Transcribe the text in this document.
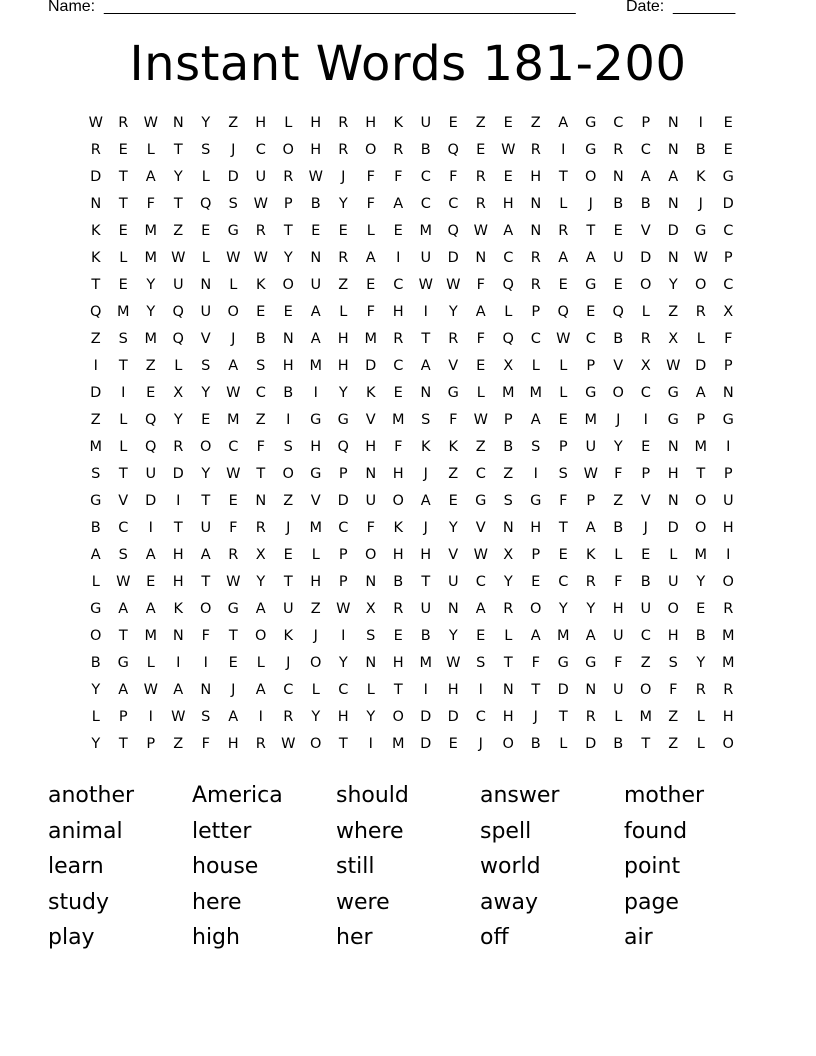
Name: _____________________________________________________	Date: _______
Instant Words 181-200
W	R	W	N	Y	Z	H	L	H	R	H	K	U	E	Z	E	Z	A	G	C	P	N	I	E
R	E	L	T	S	J	C	O	H	R	O	R	B	Q	E	W	R	I	G	R	C	N	B	E
D	T	A	Y	L	D	U	R	W	J	F	F	C	F	R	E	H	T	O	N	A	A	K	G
N	T	F	T	Q	S	W	P	B	Y	F	A	C	C	R	H	N	L	J	B	B	N	J	D
K	E	M	Z	E	G	R	T	E	E	L	E	M	Q	W	A	N	R	T	E	V	D	G	C
K	L	M W	L	W W	Y	N	R	A	I	U	D	N	C	R	A	A	U	D	N	W	P
T	E	Y	U	N	L	K	O	U	Z	E	C	W W	F	Q	R	E	G	E	O	Y	O	C
Q	M	Y	Q	U	O	E	E	A	L	F	H	I	Y	A	L	P	Q	E	Q	L	Z	R	X
Z	S	M	Q	V	J	B	N	A	H	M	R	T	R	F	Q	C	W	C	B	R	X	L	F
I	T	Z	L	S	A	S	H	M	H	D	C	A	V	E	X	L	L	P	V	X	W	D	P
D	I	E	X	Y	W	C	B	I	Y	K	E	N	G	L	M	M	L	G	O	C	G	A	N
Z	L	Q	Y	E	M	Z	I	G	G	V	M	S	F	W	P	A	E	M	J	I	G	P	G
M	L	Q	R	O	C	F	S	H	Q	H	F	K	K	Z	B	S	P	U	Y	E	N	M	I
S	T	U	D	Y	W	T	O	G	P	N	H	J	Z	C	Z	I	S	W	F	P	H	T	P
G	V	D	I	T	E	N	Z	V	D	U	O	A	E	G	S	G	F	P	Z	V	N	O	U
B	C	I	T	U	F	R	J	M	C	F	K	J	Y	V	N	H	T	A	B	J	D	O	H
A	S	A	H	A	R	X	E	L	P	O	H	H	V	W	X	P	E	K	L	E	L	M	I
L	W	E	H	T	W	Y	T	H	P	N	B	T	U	C	Y	E	C	R	F	B	U	Y	O
G	A	A	K	O	G	A	U	Z	W	X	R	U	N	A	R	O	Y	Y	H	U	O	E	R
O	T	M	N	F	T	O	K	J	I	S	E	B	Y	E	L	A	M	A	U	C	H	B	M
B	G	L	I	I	E	L	J	O	Y	N	H	M W	S	T	F	G	G	F	Z	S	Y	M
Y	A	W	A	N	J	A	C	L	C	L	T	I	H	I	N	T	D	N	U	O	F	R	R
L	P	I	W	S	A	I	R	Y	H	Y	O	D	D	C	H	J	T	R	L	M	Z	L	H
Y	T	P	Z	F	H	R	W	O	T	I	M	D	E	J	O	B	L	D	B	T	Z	L	O
another	America	should	answer	mother
animal	letter	where	spell	found
learn	house	still	world	point
study	here	were	away	page
play	high	her	off	air
